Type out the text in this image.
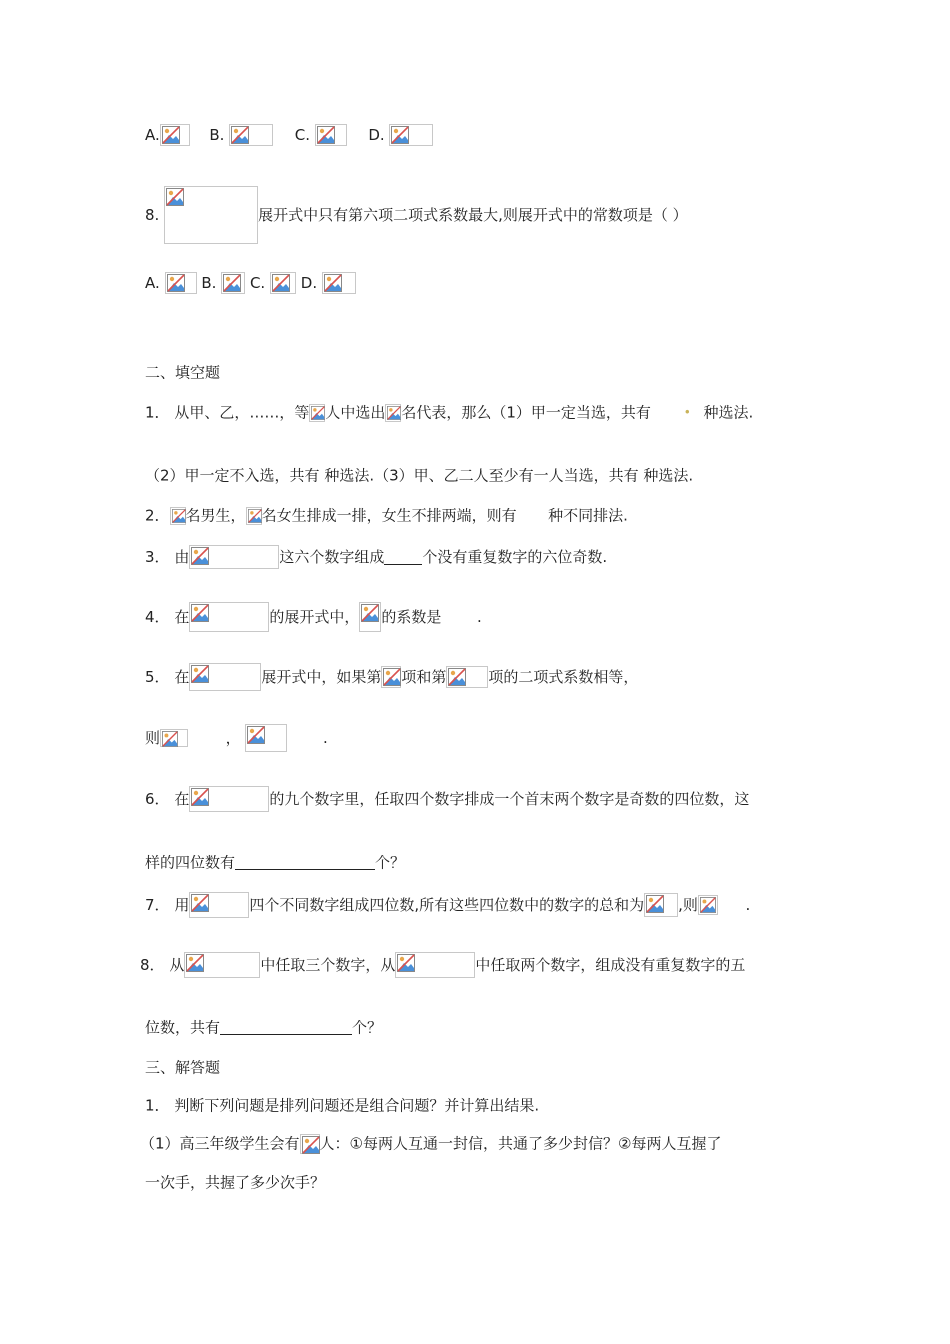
A.	B.	C.	D.
8.	展开式中只有第六项二项式系数最大,则展开式中的常数项是（ ）
A.	B. C. D.
二、填空题
1． 从甲、乙，……，等 人中选出 名代表，那么（1）甲一定当选，共有	• 种选法.
（2）甲一定不入选，共有 种选法.（3）甲、乙二人至少有一人当选，共有 种选法.
2． 名男生， 名女生排成一排，女生不排两端，则有 种不同排法.
3． 由	这六个数字组成	个没有重复数字的六位奇数.
4． 在	的展开式中， 的系数是 .
5． 在	展开式中，如果第 项和第	项的二项式系数相等，
则	，	.
6． 在	的九个数字里，任取四个数字排成一个首末两个数字是奇数的四位数，这
样的四位数有	个？
7． 用	四个不同数字组成四位数,所有这些四位数中的数字的总和为 ,则	.
8． 从	中任取三个数字，从	中任取两个数字，组成没有重复数字的五
位数，共有	个？
三、解答题
1． 判断下列问题是排列问题还是组合问题？并计算出结果.
（1）高三年级学生会有 人：①每两人互通一封信，共通了多少封信？②每两人互握了
一次手，共握了多少次手？
